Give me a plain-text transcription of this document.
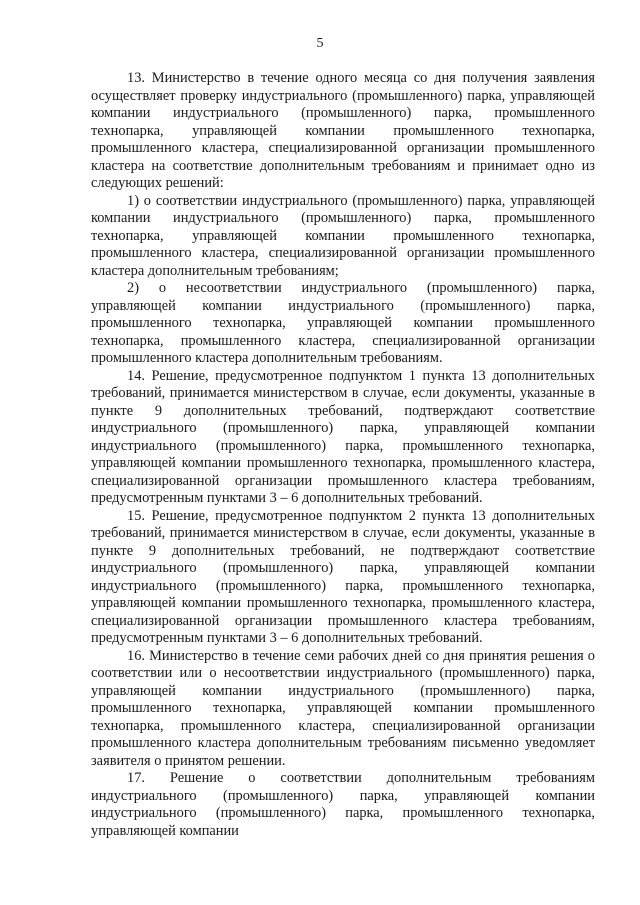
5

13. Министерство в течение одного месяца со дня получения заявления осуществляет проверку индустриального (промышленного) парка, управляющей компании индустриального (промышленного) парка, промышленного технопарка, управляющей компании промышленного технопарка, промышленного кластера, специализированной организации промышленного кластера на соответствие дополнительным требованиям и принимает одно из следующих решений:

1) о соответствии индустриального (промышленного) парка, управляющей компании индустриального (промышленного) парка, промышленного технопарка, управляющей компании промышленного технопарка, промышленного кластера, специализированной организации промышленного кластера дополнительным требованиям;

2) о несоответствии индустриального (промышленного) парка, управляющей компании индустриального (промышленного) парка, промышленного технопарка, управляющей компании промышленного технопарка, промышленного кластера, специализированной организации промышленного кластера дополнительным требованиям.

14. Решение, предусмотренное подпунктом 1 пункта 13 дополнительных требований, принимается министерством в случае, если документы, указанные в пункте 9 дополнительных требований, подтверждают соответствие индустриального (промышленного) парка, управляющей компании индустриального (промышленного) парка, промышленного технопарка, управляющей компании промышленного технопарка, промышленного кластера, специализированной организации промышленного кластера требованиям, предусмотренным пунктами 3 – 6 дополнительных требований.

15. Решение, предусмотренное подпунктом 2 пункта 13 дополнительных требований, принимается министерством в случае, если документы, указанные в пункте 9 дополнительных требований, не подтверждают соответствие индустриального (промышленного) парка, управляющей компании индустриального (промышленного) парка, промышленного технопарка, управляющей компании промышленного технопарка, промышленного кластера, специализированной организации промышленного кластера требованиям, предусмотренным пунктами 3 – 6 дополнительных требований.

16. Министерство в течение семи рабочих дней со дня принятия решения о соответствии или о несоответствии индустриального (промышленного) парка, управляющей компании индустриального (промышленного) парка, промышленного технопарка, управляющей компании промышленного технопарка, промышленного кластера, специализированной организации промышленного кластера дополнительным требованиям письменно уведомляет заявителя о принятом решении.

17. Решение о соответствии дополнительным требованиям индустриального (промышленного) парка, управляющей компании индустриального (промышленного) парка, промышленного технопарка, управляющей компании
